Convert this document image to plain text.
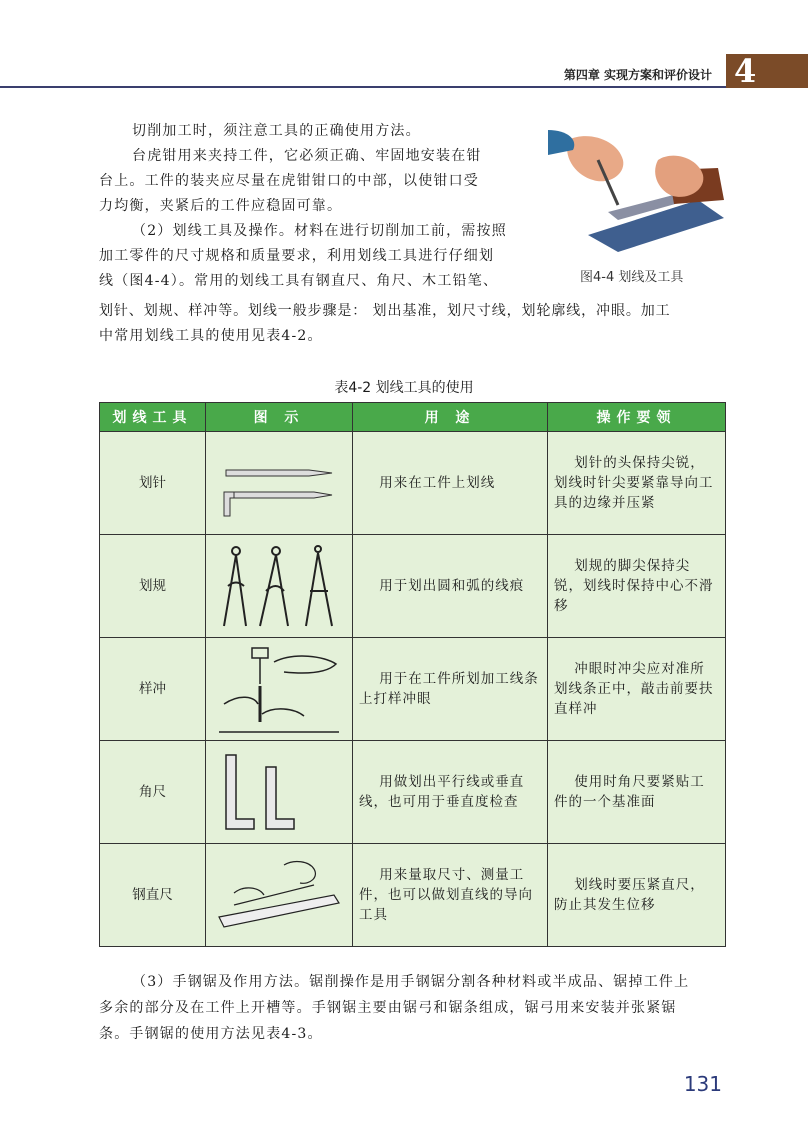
第四章 实现方案和评价设计 4
切削加工时，须注意工具的正确使用方法。
台虎钳用来夹持工件，它必须正确、牢固地安装在钳
台上。工件的装夹应尽量在虎钳钳口的中部，以使钳口受
力均衡，夹紧后的工件应稳固可靠。
（2）划线工具及操作。材料在进行切削加工前，需按照
加工零件的尺寸规格和质量要求，利用划线工具进行仔细划
线（图4-4）。常用的划线工具有钢直尺、角尺、木工铅笔、
划针、划规、样冲等。划线一般步骤是： 划出基准，划尺寸线，划轮廓线，冲眼。加工
中常用划线工具的使用见表4-2。
图4-4 划线及工具
表4-2 划线工具的使用
划线工具	图 示	用 途	操作要领
划针		用来在工件上划线	划针的头保持尖锐，划线时针尖要紧靠导向工具的边缘并压紧
划规		用于划出圆和弧的线痕	划规的脚尖保持尖锐，划线时保持中心不滑移
样冲		用于在工件所划加工线条上打样冲眼	冲眼时冲尖应对准所划线条正中，敲击前要扶直样冲
角尺		用做划出平行线或垂直线，也可用于垂直度检查	使用时角尺要紧贴工件的一个基准面
钢直尺		用来量取尺寸、测量工件，也可以做划直线的导向工具	划线时要压紧直尺，防止其发生位移
（3）手钢锯及作用方法。锯削操作是用手钢锯分割各种材料或半成品、锯掉工件上
多余的部分及在工件上开槽等。手钢锯主要由锯弓和锯条组成，锯弓用来安装并张紧锯
条。手钢锯的使用方法见表4-3。
131
